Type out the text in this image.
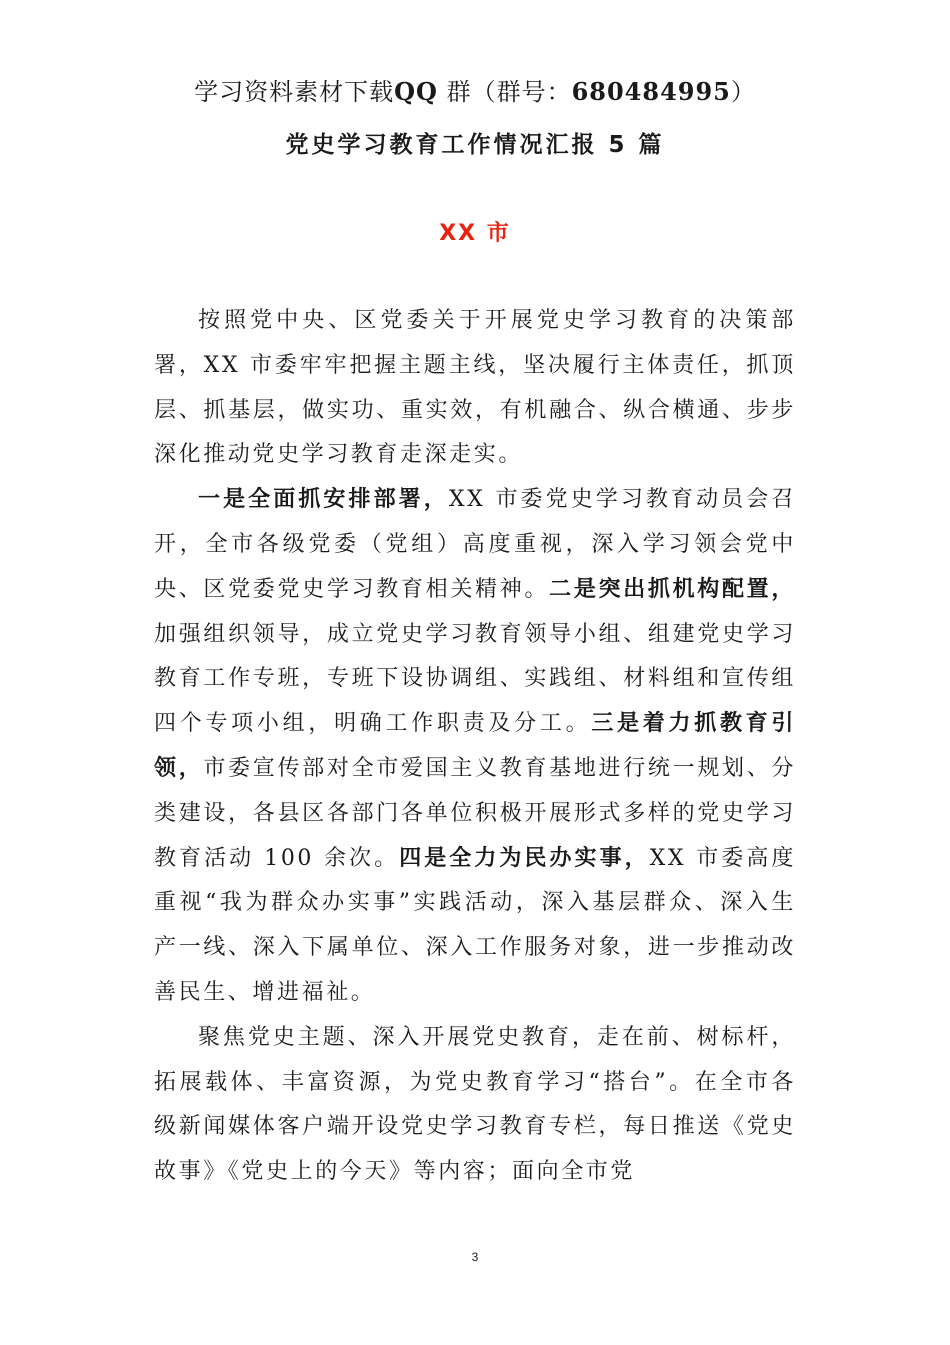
学习资料素材下载QQ 群（群号：680484995）
党史学习教育工作情况汇报 5 篇
XX 市

按照党中央、区党委关于开展党史学习教育的决策部署，XX 市委牢牢把握主题主线，坚决履行主体责任，抓顶层、抓基层，做实功、重实效，有机融合、纵合横通、步步深化推动党史学习教育走深走实。

一是全面抓安排部署，XX 市委党史学习教育动员会召开，全市各级党委（党组）高度重视，深入学习领会党中央、区党委党史学习教育相关精神。二是突出抓机构配置，加强组织领导，成立党史学习教育领导小组、组建党史学习教育工作专班，专班下设协调组、实践组、材料组和宣传组四个专项小组，明确工作职责及分工。三是着力抓教育引领，市委宣传部对全市爱国主义教育基地进行统一规划、分类建设，各县区各部门各单位积极开展形式多样的党史学习教育活动 100 余次。四是全力为民办实事，XX 市委高度重视“我为群众办实事”实践活动，深入基层群众、深入生产一线、深入下属单位、深入工作服务对象，进一步推动改善民生、增进福祉。

聚焦党史主题、深入开展党史教育，走在前、树标杆，拓展载体、丰富资源，为党史教育学习“搭台”。在全市各级新闻媒体客户端开设党史学习教育专栏，每日推送《党史故事》《党史上的今天》等内容；面向全市党

3
